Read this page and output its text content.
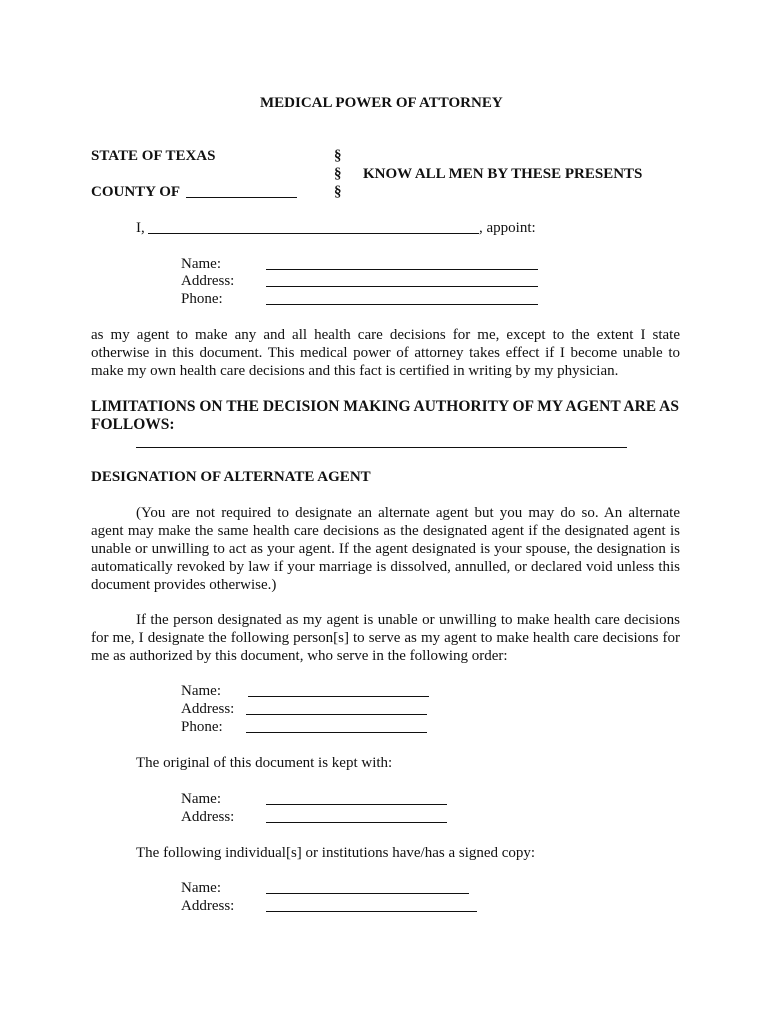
MEDICAL POWER OF ATTORNEY
STATE OF TEXAS	§
§
§
KNOW ALL MEN BY THESE PRESENTS
COUNTY OF
I,	, appoint:
Name:
Address:
Phone:
as my agent to make any and all health care decisions for me, except to the extent I state otherwise in this document. This medical power of attorney takes effect if I become unable to make my own health care decisions and this fact is certified in writing by my physician.
LIMITATIONS ON THE DECISION MAKING AUTHORITY OF MY AGENT ARE AS FOLLOWS:
DESIGNATION OF ALTERNATE AGENT
(You are not required to designate an alternate agent but you may do so. An alternate agent may make the same health care decisions as the designated agent if the designated agent is unable or unwilling to act as your agent. If the agent designated is your spouse, the designation is automatically revoked by law if your marriage is dissolved, annulled, or declared void unless this document provides otherwise.)
If the person designated as my agent is unable or unwilling to make health care decisions for me, I designate the following person[s] to serve as my agent to make health care decisions for me as authorized by this document, who serve in the following order:
Name:
Address:
Phone:
The original of this document is kept with:
Name:
Address:
The following individual[s] or institutions have/has a signed copy:
Name:
Address:
